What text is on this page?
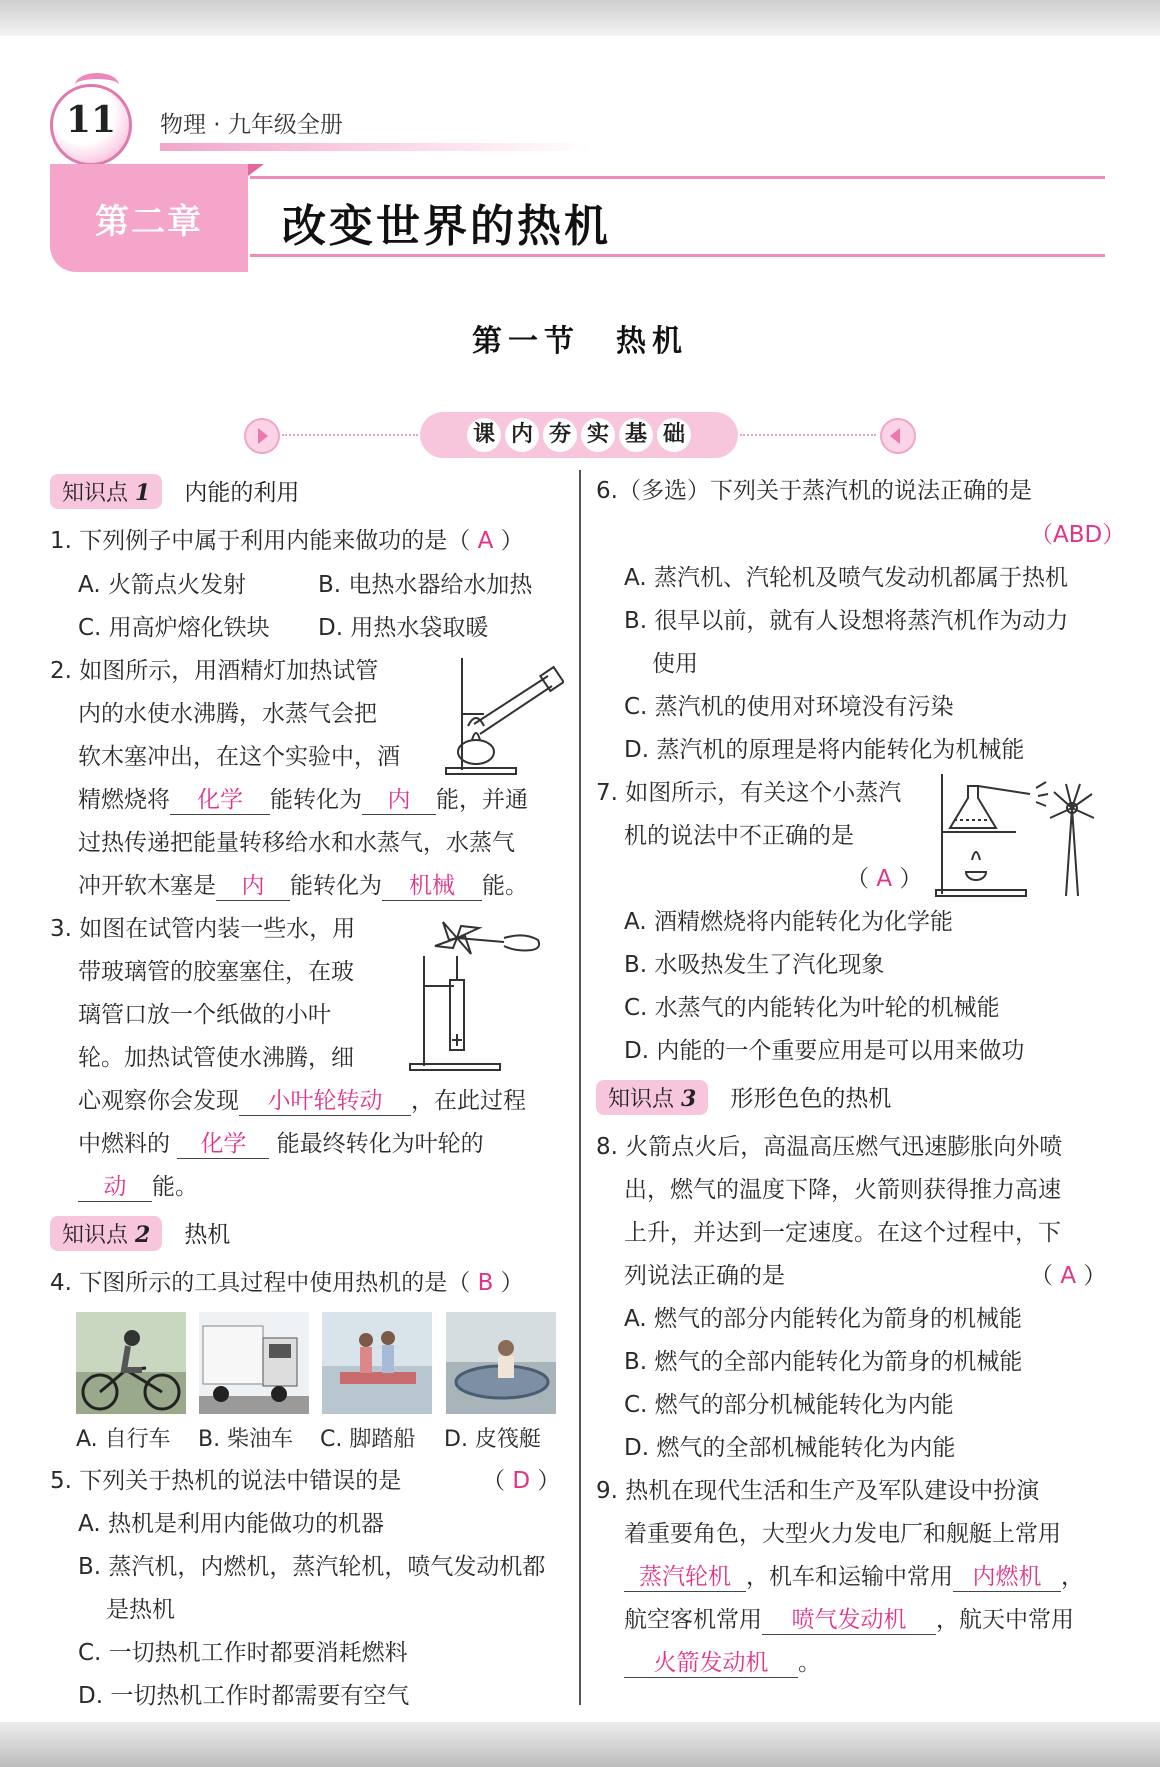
11	物理 · 九年级全册
第二章	改变世界的热机
第一节　热机
课 内 夯 实 基 础
知识点 1 内能的利用
1. 下列例子中属于利用内能来做功的是（ A ）
A. 火箭点火发射	B. 电热水器给水加热
C. 用高炉熔化铁块 D. 用热水袋取暖
2. 如图所示，用酒精灯加热试管
内的水使水沸腾，水蒸气会把
软木塞冲出，在这个实验中，酒
精燃烧将 化学 能转化为 内 能，并通
过热传递把能量转移给水和水蒸气，水蒸气
冲开软木塞是 内 能转化为 机械 能。
3. 如图在试管内装一些水，用
带玻璃管的胶塞塞住，在玻
璃管口放一个纸做的小叶
轮。加热试管使水沸腾，细
心观察你会发现 小叶轮转动 ，在此过程
中燃料的 化学 能最终转化为叶轮的
动 能。
知识点 2 热机
4. 下图所示的工具过程中使用热机的是（ B ）
A. 自行车 B. 柴油车 C. 脚踏船 D. 皮筏艇
5. 下列关于热机的说法中错误的是	（ D ）
A. 热机是利用内能做功的机器
B. 蒸汽机，内燃机，蒸汽轮机，喷气发动机都
是热机
C. 一切热机工作时都要消耗燃料
D. 一切热机工作时都需要有空气
6.（多选）下列关于蒸汽机的说法正确的是
（ABD）
A. 蒸汽机、汽轮机及喷气发动机都属于热机
B. 很早以前，就有人设想将蒸汽机作为动力
使用
C. 蒸汽机的使用对环境没有污染
D. 蒸汽机的原理是将内能转化为机械能
7. 如图所示，有关这个小蒸汽
机的说法中不正确的是
（ A ）
A. 酒精燃烧将内能转化为化学能
B. 水吸热发生了汽化现象
C. 水蒸气的内能转化为叶轮的机械能
D. 内能的一个重要应用是可以用来做功
知识点 3 形形色色的热机
8. 火箭点火后，高温高压燃气迅速膨胀向外喷
出，燃气的温度下降，火箭则获得推力高速
上升，并达到一定速度。在这个过程中，下
列说法正确的是	（ A ）
A. 燃气的部分内能转化为箭身的机械能
B. 燃气的全部内能转化为箭身的机械能
C. 燃气的部分机械能转化为内能
D. 燃气的全部机械能转化为内能
9. 热机在现代生活和生产及军队建设中扮演
着重要角色，大型火力发电厂和舰艇上常用
蒸汽轮机 ，机车和运输中常用 内燃机 ，
航空客机常用 喷气发动机 ，航天中常用
火箭发动机 。
